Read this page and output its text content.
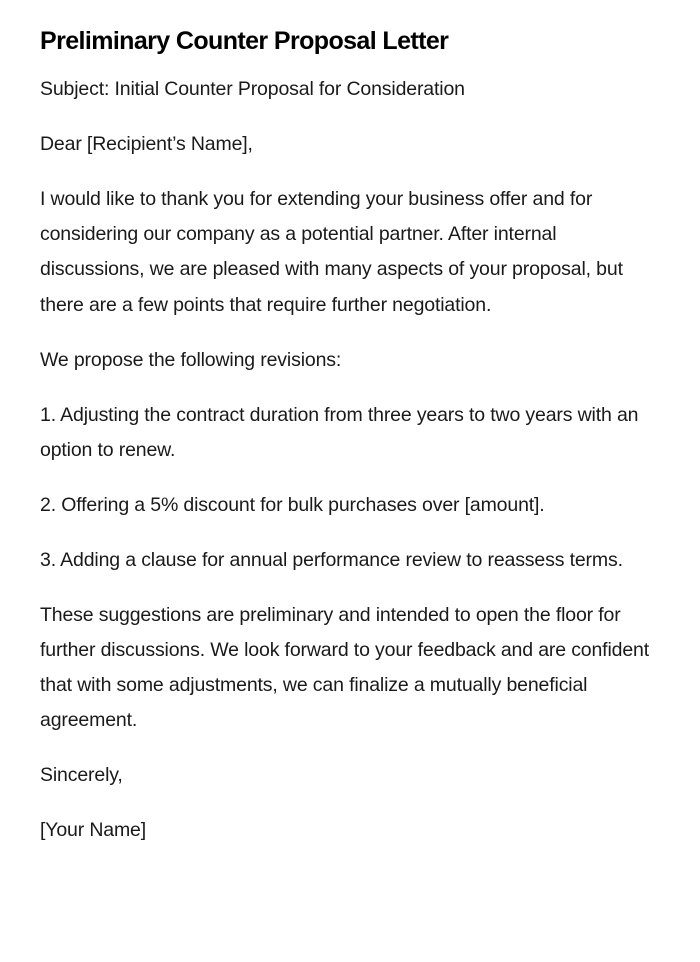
Preliminary Counter Proposal Letter

Subject: Initial Counter Proposal for Consideration

Dear [Recipient’s Name],

I would like to thank you for extending your business offer and for considering our company as a potential partner. After internal discussions, we are pleased with many aspects of your proposal, but there are a few points that require further negotiation.

We propose the following revisions:

1. Adjusting the contract duration from three years to two years with an option to renew.

2. Offering a 5% discount for bulk purchases over [amount].

3. Adding a clause for annual performance review to reassess terms.

These suggestions are preliminary and intended to open the floor for further discussions. We look forward to your feedback and are confident that with some adjustments, we can finalize a mutually beneficial agreement.

Sincerely,

[Your Name]
